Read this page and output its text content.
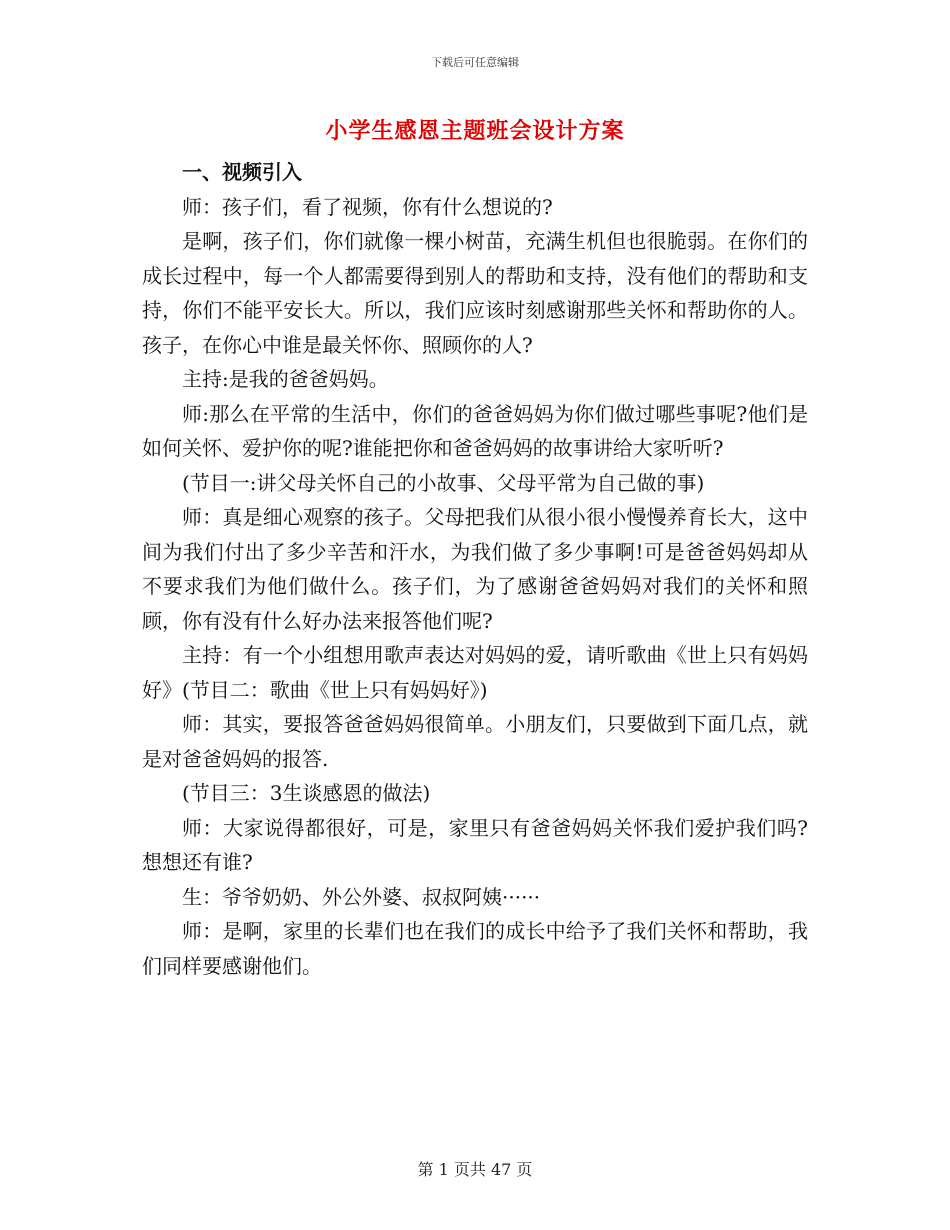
下载后可任意编辑
小学生感恩主题班会设计方案

一、视频引入

师：孩子们，看了视频，你有什么想说的?

是啊，孩子们，你们就像一棵小树苗，充满生机但也很脆弱。在你们的成长过程中，每一个人都需要得到别人的帮助和支持，没有他们的帮助和支持，你们不能平安长大。所以，我们应该时刻感谢那些关怀和帮助你的人。孩子，在你心中谁是最关怀你、照顾你的人?

主持:是我的爸爸妈妈。

师:那么在平常的生活中，你们的爸爸妈妈为你们做过哪些事呢?他们是如何关怀、爱护你的呢?谁能把你和爸爸妈妈的故事讲给大家听听?

(节目一:讲父母关怀自己的小故事、父母平常为自己做的事)

师：真是细心观察的孩子。父母把我们从很小很小慢慢养育长大，这中间为我们付出了多少辛苦和汗水，为我们做了多少事啊!可是爸爸妈妈却从不要求我们为他们做什么。孩子们，为了感谢爸爸妈妈对我们的关怀和照顾，你有没有什么好办法来报答他们呢?

主持：有一个小组想用歌声表达对妈妈的爱，请听歌曲《世上只有妈妈好》(节目二：歌曲《世上只有妈妈好》)

师：其实，要报答爸爸妈妈很简单。小朋友们，只要做到下面几点，就是对爸爸妈妈的报答.

(节目三：3生谈感恩的做法)

师：大家说得都很好，可是，家里只有爸爸妈妈关怀我们爱护我们吗?想想还有谁?

生：爷爷奶奶、外公外婆、叔叔阿姨······

师：是啊，家里的长辈们也在我们的成长中给予了我们关怀和帮助，我们同样要感谢他们。

第 1 页共 47 页
